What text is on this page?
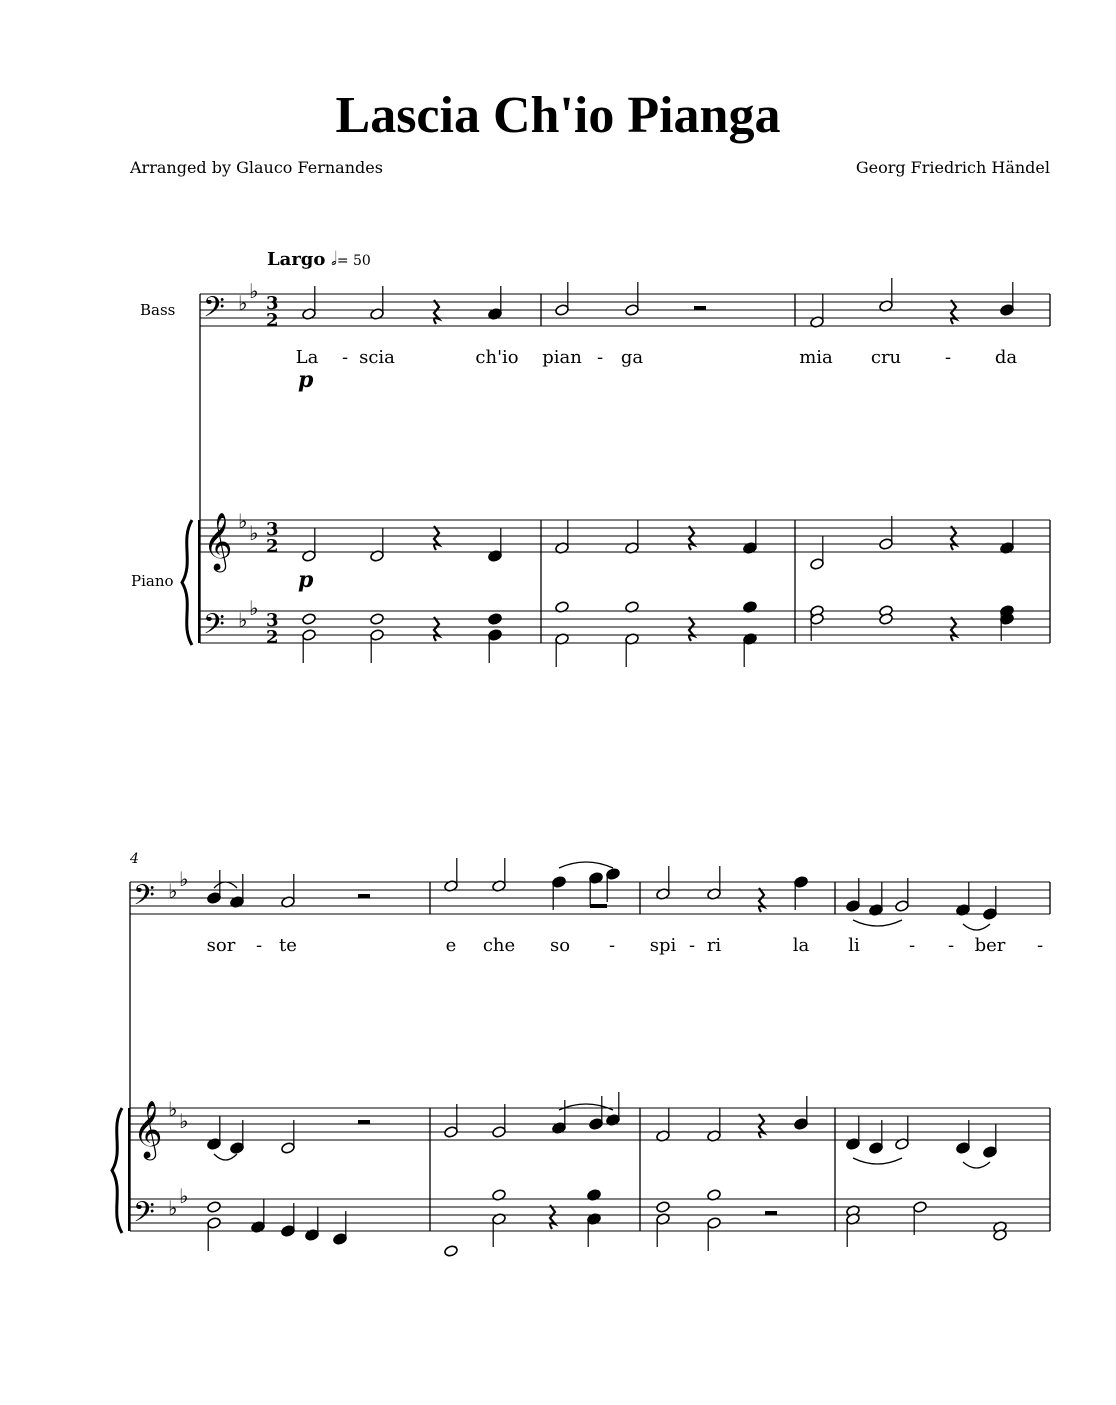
Lascia Ch'io Pianga
Arranged by Glauco Fernandes	Georg Friedrich Händel
Largo 𝅗𝅥= 50
Bass
Piano
4
La - scia	ch'io pian - ga	mia cru - da
sor - te	e che so - spi - ri	la li	- - ber -
𝄢
𝄞
𝄢
♭ ♭
♭ ♭
♭ ♭
3
2
3
2
3
2
p
p
𝄢
𝄞
𝄢
♭ ♭
♭ ♭
♭ ♭
